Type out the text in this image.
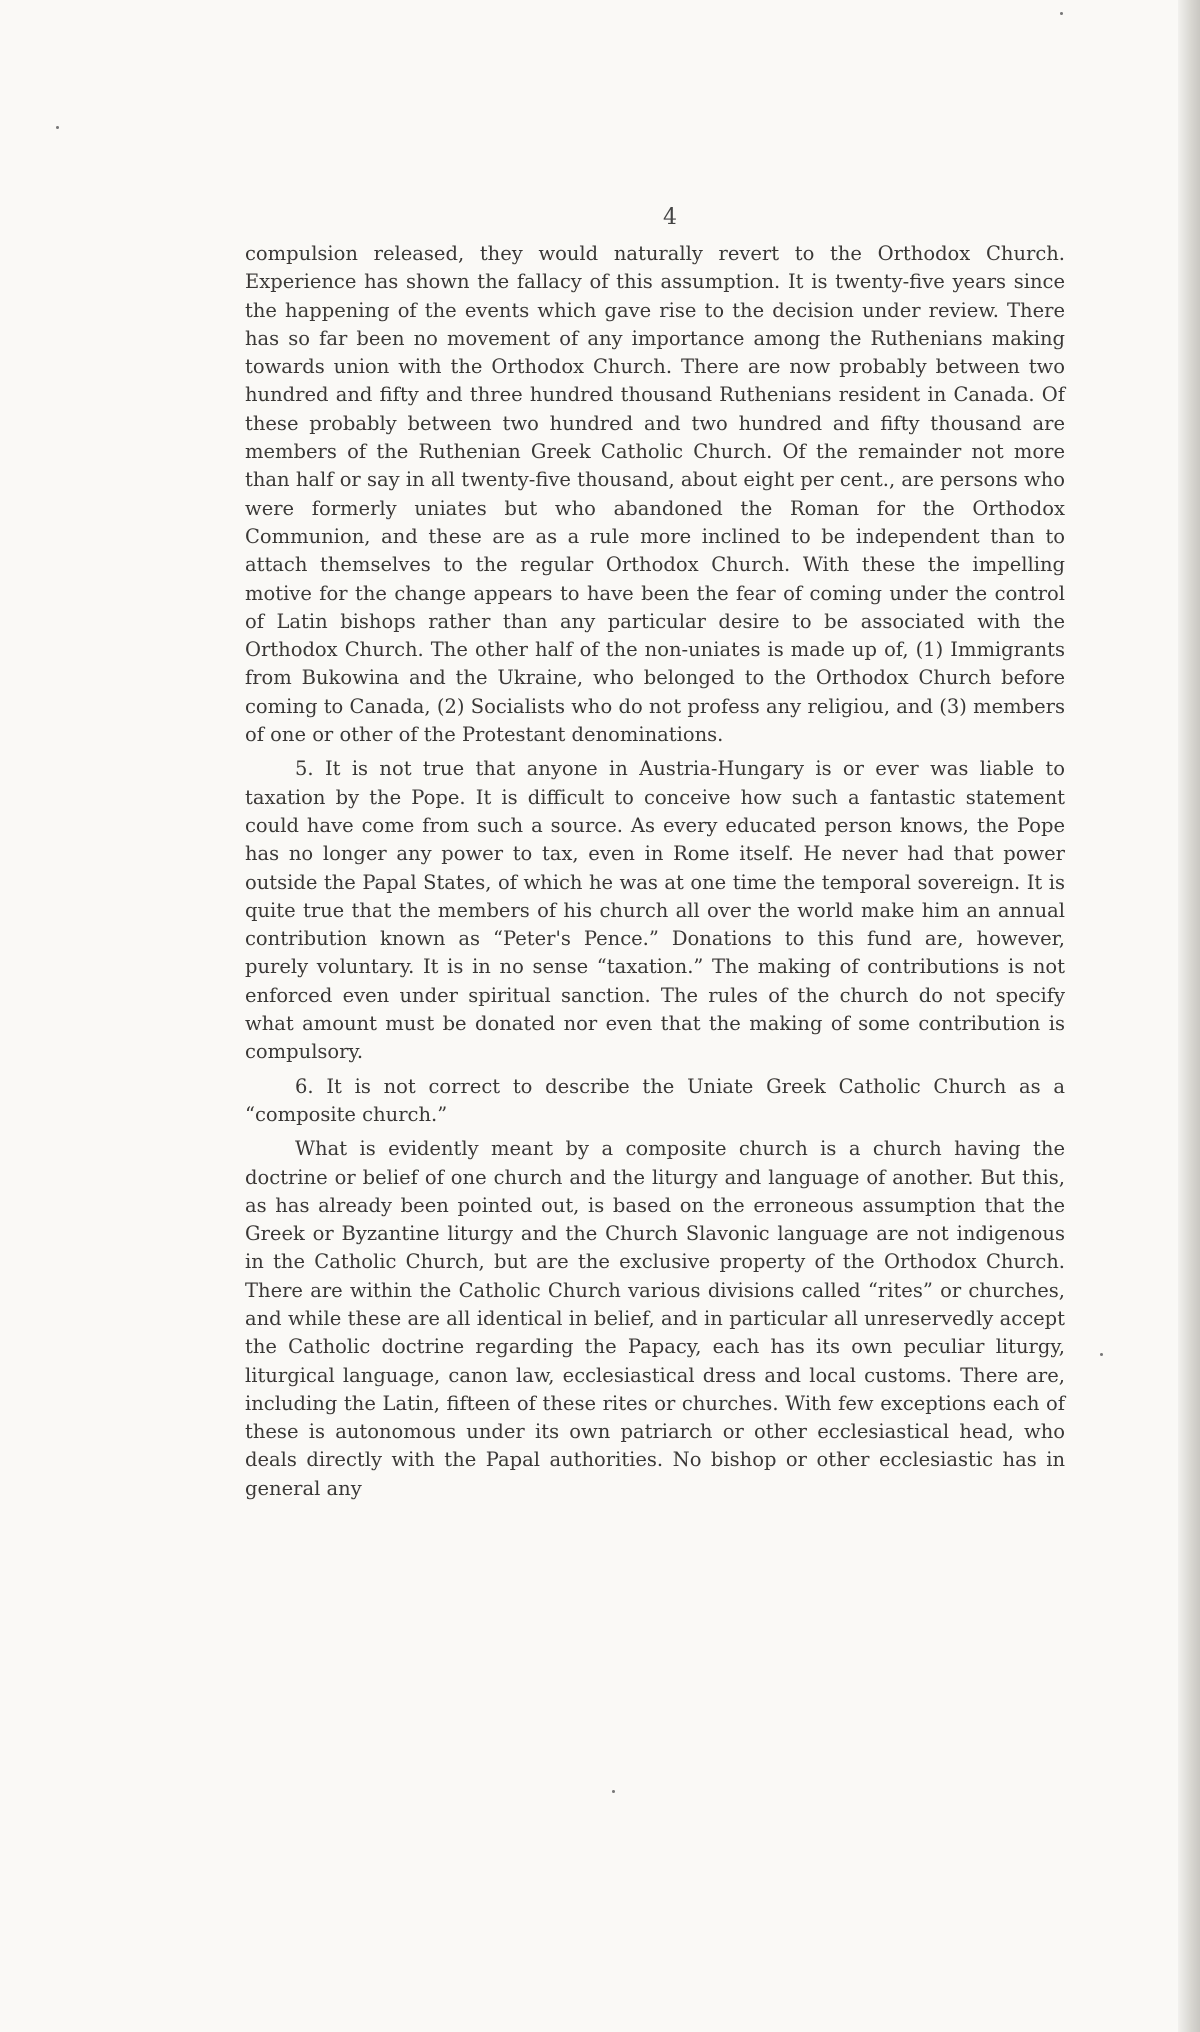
4

compulsion released, they would naturally revert to the Orthodox Church. Experience has shown the fallacy of this assumption. It is twenty-five years since the happening of the events which gave rise to the decision under review. There has so far been no movement of any importance among the Ruthenians making towards union with the Orthodox Church. There are now probably between two hundred and fifty and three hundred thousand Ruthenians resident in Canada. Of these probably between two hundred and two hundred and fifty thousand are members of the Ruthenian Greek Catholic Church. Of the remainder not more than half or say in all twenty-five thousand, about eight per cent., are persons who were formerly uniates but who abandoned the Roman for the Orthodox Communion, and these are as a rule more inclined to be independent than to attach themselves to the regular Orthodox Church. With these the impelling motive for the change appears to have been the fear of coming under the control of Latin bishops rather than any particular desire to be associated with the Orthodox Church. The other half of the non-uniates is made up of, (1) Immigrants from Bukowina and the Ukraine, who belonged to the Orthodox Church before coming to Canada, (2) Socialists who do not profess any religiou, and (3) members of one or other of the Protestant denominations.

5. It is not true that anyone in Austria-Hungary is or ever was liable to taxation by the Pope. It is difficult to conceive how such a fantastic statement could have come from such a source. As every educated person knows, the Pope has no longer any power to tax, even in Rome itself. He never had that power outside the Papal States, of which he was at one time the temporal sovereign. It is quite true that the members of his church all over the world make him an annual contribution known as “Peter's Pence.” Donations to this fund are, however, purely voluntary. It is in no sense “taxation.” The making of contributions is not enforced even under spiritual sanction. The rules of the church do not specify what amount must be donated nor even that the making of some contribution is compulsory.

6. It is not correct to describe the Uniate Greek Catholic Church as a “composite church.”

What is evidently meant by a composite church is a church having the doctrine or belief of one church and the liturgy and language of another. But this, as has already been pointed out, is based on the erroneous assumption that the Greek or Byzantine liturgy and the Church Slavonic language are not indigenous in the Catholic Church, but are the exclusive property of the Orthodox Church. There are within the Catholic Church various divisions called “rites” or churches, and while these are all identical in belief, and in particular all unreservedly accept the Catholic doctrine regarding the Papacy, each has its own peculiar liturgy, liturgical language, canon law, ecclesiastical dress and local customs. There are, including the Latin, fifteen of these rites or churches. With few exceptions each of these is autonomous under its own patriarch or other ecclesiastical head, who deals directly with the Papal authorities. No bishop or other ecclesiastic has in general any
